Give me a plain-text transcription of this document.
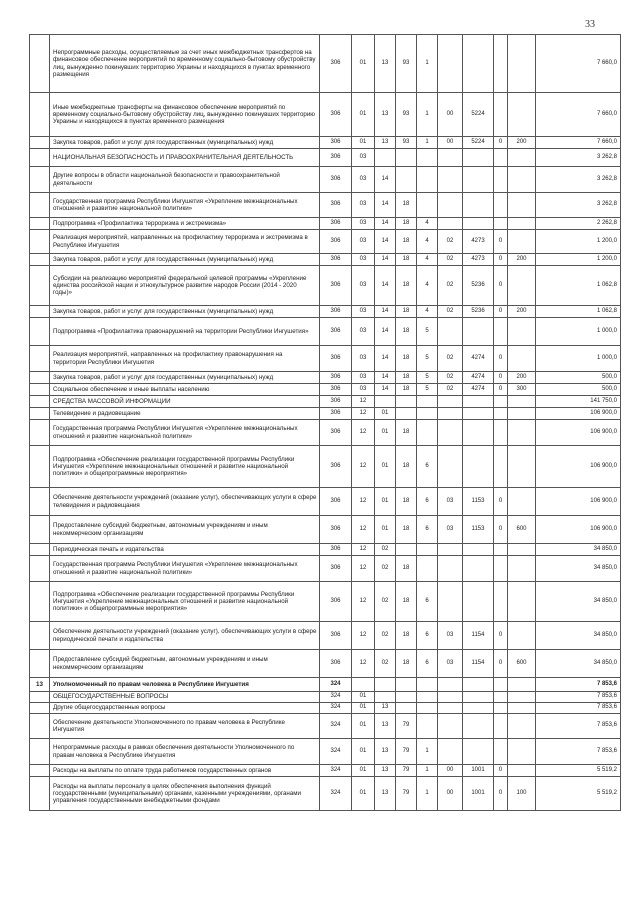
33
	Непрограммные расходы, осуществляемые за счет иных межбюджетных трансфертов на финансовое обеспечение мероприятий по временному социально-бытовому обустройству лиц, вынужденно покинувших территорию Украины и находящихся в пунктах временного размещения	306	01	13	93	1					7 660,0
	Иные межбюджетные трансферты на финансовое обеспечение мероприятий по временному социально-бытовому обустройству лиц, вынужденно покинувших территорию Украины и находящихся в пунктах временного размещения	306	01	13	93	1	00	5224			7 660,0
	Закупка товаров, работ и услуг для государственных (муниципальных) нужд	306	01	13	93	1	00	5224	0	200	7 660,0
	НАЦИОНАЛЬНАЯ БЕЗОПАСНОСТЬ И ПРАВООХРАНИТЕЛЬНАЯ ДЕЯТЕЛЬНОСТЬ	306	03								3 262,8
	Другие вопросы в области национальной безопасности и правоохранительной деятельности	306	03	14							3 262,8
	Государственная программа Республики Ингушетия «Укрепление межнациональных отношений и развитие национальной политики»	306	03	14	18						3 262,8
	Подпрограмма «Профилактика терроризма и экстремизма»	306	03	14	18	4					2 262,8
	Реализация мероприятий, направленных на профилактику терроризма и экстремизма в Республике Ингушетия	306	03	14	18	4	02	4273	0		1 200,0
	Закупка товаров, работ и услуг для государственных (муниципальных) нужд	306	03	14	18	4	02	4273	0	200	1 200,0
	Субсидии на реализацию мероприятий федеральной целевой программы «Укрепление единства российской нации и этнокультурное развитие народов России (2014 - 2020 годы)»	306	03	14	18	4	02	5236	0		1 062,8
	Закупка товаров, работ и услуг для государственных (муниципальных) нужд	306	03	14	18	4	02	5236	0	200	1 062,8
	Подпрограмма «Профилактика правонарушений на территории Республики Ингушетия»	306	03	14	18	5					1 000,0
	Реализация мероприятий, направленных на профилактику правонарушения на территории Республики Ингушетия	306	03	14	18	5	02	4274	0		1 000,0
	Закупка товаров, работ и услуг для государственных (муниципальных) нужд	306	03	14	18	5	02	4274	0	200	500,0
	Социальное обеспечение и иные выплаты населению	306	03	14	18	5	02	4274	0	300	500,0
	СРЕДСТВА МАССОВОЙ ИНФОРМАЦИИ	306	12								141 750,0
	Телевидение и радиовещание	306	12	01							106 900,0
	Государственная программа Республики Ингушетия «Укрепление межнациональных отношений и развитие национальной политики»	306	12	01	18						106 900,0
	Подпрограмма «Обеспечение реализации государственной программы Республики Ингушетия «Укрепление межнациональных отношений и развитие национальной политики» и общепрограммные мероприятия»	306	12	01	18	6					106 900,0
	Обеспечение деятельности учреждений (оказание услуг), обеспечивающих услуги в сфере телевидения и радиовещания	306	12	01	18	6	03	1153	0		106 900,0
	Предоставление субсидий бюджетным, автономным учреждениям и иным некоммерческим организациям	306	12	01	18	6	03	1153	0	600	106 900,0
	Периодическая печать и издательства	306	12	02							34 850,0
	Государственная программа Республики Ингушетия «Укрепление межнациональных отношений и развитие национальной политики»	306	12	02	18						34 850,0
	Подпрограмма «Обеспечение реализации государственной программы Республики Ингушетия «Укрепление межнациональных отношений и развитие национальной политики» и общепрограммные мероприятия»	306	12	02	18	6					34 850,0
	Обеспечение деятельности учреждений (оказание услуг), обеспечивающих услуги в сфере периодической печати и издательства	306	12	02	18	6	03	1154	0		34 850,0
	Предоставление субсидий бюджетным, автономным учреждениям и иным некоммерческим организациям	306	12	02	18	6	03	1154	0	600	34 850,0
13	Уполномоченный по правам человека в Республике Ингушетия	324									7 853,6
	ОБЩЕГОСУДАРСТВЕННЫЕ ВОПРОСЫ	324	01								7 853,6
	Другие общегосударственные вопросы	324	01	13							7 853,6
	Обеспечение деятельности Уполномоченного по правам человека в Республике Ингушетия	324	01	13	79						7 853,6
	Непрограммные расходы в рамках обеспечения деятельности Уполномоченного по правам человека в Республике Ингушетия	324	01	13	79	1					7 853,6
	Расходы на выплаты по оплате труда работников государственных органов	324	01	13	79	1	00	1001	0		5 519,2
	Расходы на выплаты персоналу в целях обеспечения выполнения функций государственными (муниципальными) органами, казенными учреждениями, органами управления государственными внебюджетными фондами	324	01	13	79	1	00	1001	0	100	5 519,2
